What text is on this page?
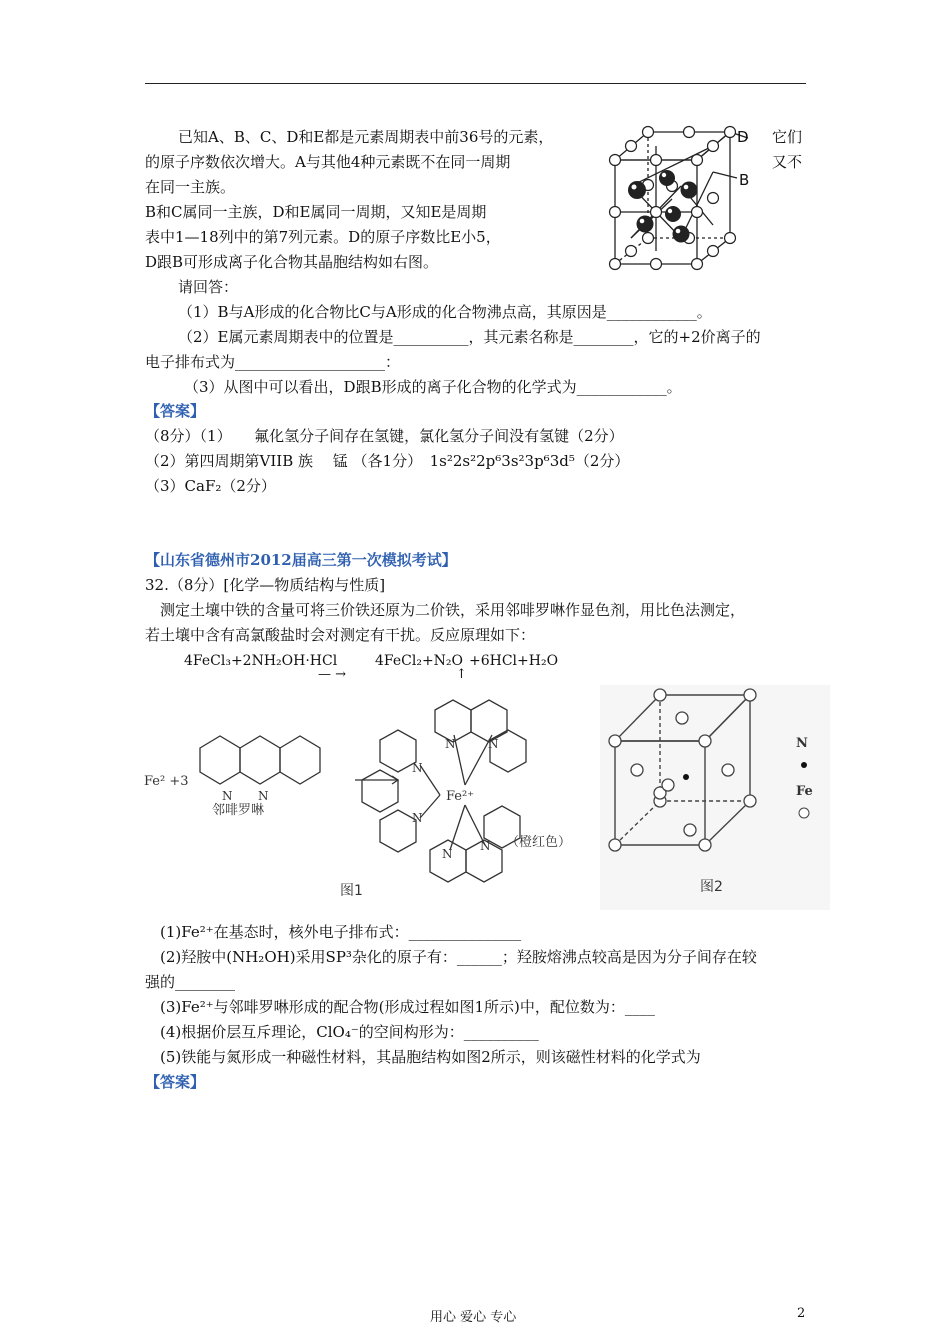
已知A、B、C、D和E都是元素周期表中前36号的元素，	它们
的原子序数依次增大。A与其他4种元素既不在同一周期	又不
在同一主族。
B和C属同一主族，D和E属同一周期，又知E是周期
表中1—18列中的第7列元素。D的原子序数比E小5，
D跟B可形成离子化合物其晶胞结构如右图。
请回答：
（1）B与A形成的化合物比C与A形成的化合物沸点高，其原因是____________。
（2）E属元素周期表中的位置是__________，其元素名称是________，它的+2价离子的
电子排布式为____________________：
（3）从图中可以看出，D跟B形成的离子化合物的化学式为____________。
【答案】
（8分）（1）　　氟化氢分子间存在氢键，氯化氢分子间没有氢键（2分）
（2）第四周期第VIIB 族　 锰 （各1分）　1s²2s²2p⁶3s²3p⁶3d⁵（2分）
（3）CaF₂（2分）
D
B
【山东省德州市2012届高三第一次模拟考试】
32.（8分）[化学—物质结构与性质]
测定土壤中铁的含量可将三价铁还原为二价铁，采用邻啡罗啉作显色剂，用比色法测定，
若土壤中含有高氯酸盐时会对测定有干扰。反应原理如下：
4FeCl₃+2NH₂OH·HCl
— →
4FeCl₂+N₂O
↑
+6HCl+H₂O
N N
N
N
N	N
N
N
Fe² +3
邻啡罗啉
Fe²⁺
（橙红色）
图1
N
Fe
图2
(1)Fe²⁺在基态时，核外电子排布式：_______________
(2)羟胺中(NH₂OH)采用SP³杂化的原子有：______；羟胺熔沸点较高是因为分子间存在较
强的________
(3)Fe²⁺与邻啡罗啉形成的配合物(形成过程如图1所示)中，配位数为：____
(4)根据价层互斥理论，ClO₄⁻的空间构形为：__________
(5)铁能与氮形成一种磁性材料，其晶胞结构如图2所示，则该磁性材料的化学式为
【答案】
用心 爱心 专心	2
